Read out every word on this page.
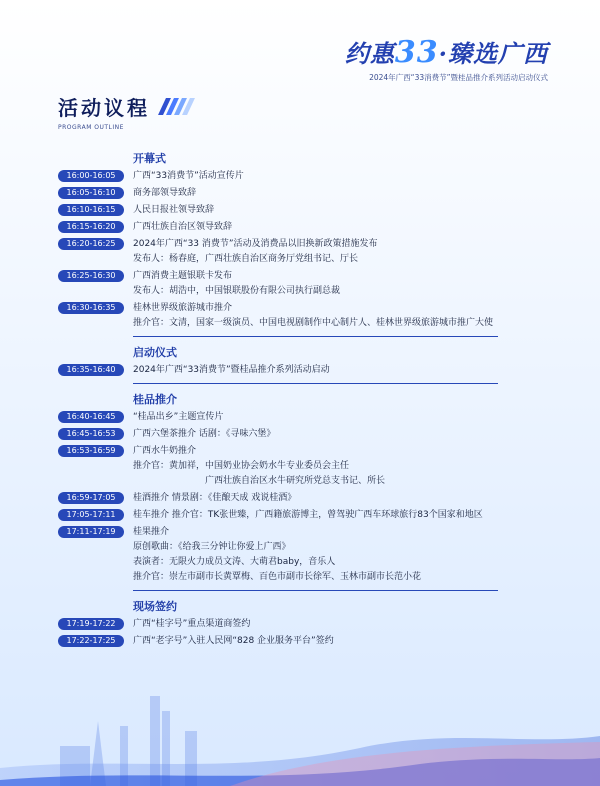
约惠33·臻选广西
2024年广西“33消费节”暨桂品推介系列活动启动仪式
活动议程
PROGRAM OUTLINE
开幕式
16:00-16:05	广西“33消费节”活动宣传片
16:05-16:10	商务部领导致辞
16:10-16:15	人民日报社领导致辞
16:15-16:20	广西壮族自治区领导致辞
16:20-16:25	2024年广西“33 消费节”活动及消费品以旧换新政策措施发布
发布人：杨春庭，广西壮族自治区商务厅党组书记、厅长
16:25-16:30	广西消费主题银联卡发布
发布人：胡浩中，中国银联股份有限公司执行副总裁
16:30-16:35	桂林世界级旅游城市推介
推介官：文清，国家一级演员、中国电视剧制作中心制片人、桂林世界级旅游城市推广大使
启动仪式
16:35-16:40	2024年广西“33消费节”暨桂品推介系列活动启动
桂品推介
16:40-16:45	“桂品出乡”主题宣传片
16:45-16:53	广西六堡茶推介 话剧：《寻味六堡》
16:53-16:59	广西水牛奶推介
推介官：黄加祥，中国奶业协会奶水牛专业委员会主任
广西壮族自治区水牛研究所党总支书记、所长
16:59-17:05	桂酒推介 情景剧：《佳酿天成 戏说桂酒》
17:05-17:11	桂车推介 推介官：TK张世臻，广西籍旅游博主，曾驾驶广西车环球旅行83个国家和地区
17:11-17:19	桂果推介
原创歌曲：《给我三分钟让你爱上广西》
表演者：无限火力成员文涛、大萌君baby，音乐人
推介官：崇左市副市长黄覃梅、百色市副市长徐军、玉林市副市长范小花
现场签约
17:19-17:22	广西“桂字号”重点渠道商签约
17:22-17:25	广西“老字号”入驻人民网“828 企业服务平台”签约
